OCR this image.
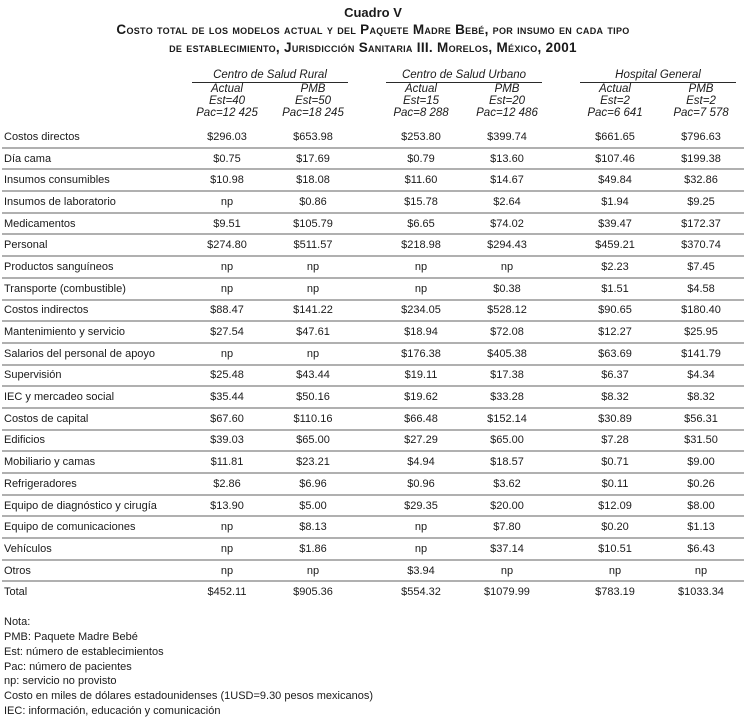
Cuadro V
Costo total de los modelos actual y del Paquete Madre Bebé, por insumo en cada tipo
de establecimiento, Jurisdicción Sanitaria III. Morelos, México, 2001
Centro de Salud Rural	Centro de Salud Urbano	Hospital General
Actual	PMB	Actual	PMB	Actual	PMB
Est=40	Est=50	Est=15	Est=20	Est=2	Est=2
Pac=12 425	Pac=18 245	Pac=8 288	Pac=12 486	Pac=6 641	Pac=7 578
Costos directos	$296.03	$653.98	$253.80	$399.74	$661.65	$796.63
Día cama	$0.75	$17.69	$0.79	$13.60	$107.46	$199.38
Insumos consumibles	$10.98	$18.08	$11.60	$14.67	$49.84	$32.86
Insumos de laboratorio	np	$0.86	$15.78	$2.64	$1.94	$9.25
Medicamentos	$9.51	$105.79	$6.65	$74.02	$39.47	$172.37
Personal	$274.80	$511.57	$218.98	$294.43	$459.21	$370.74
Productos sanguíneos	np	np	np	np	$2.23	$7.45
Transporte (combustible)	np	np	np	$0.38	$1.51	$4.58
Costos indirectos	$88.47	$141.22	$234.05	$528.12	$90.65	$180.40
Mantenimiento y servicio	$27.54	$47.61	$18.94	$72.08	$12.27	$25.95
Salarios del personal de apoyo	np	np	$176.38	$405.38	$63.69	$141.79
Supervisión	$25.48	$43.44	$19.11	$17.38	$6.37	$4.34
IEC y mercadeo social	$35.44	$50.16	$19.62	$33.28	$8.32	$8.32
Costos de capital	$67.60	$110.16	$66.48	$152.14	$30.89	$56.31
Edificios	$39.03	$65.00	$27.29	$65.00	$7.28	$31.50
Mobiliario y camas	$11.81	$23.21	$4.94	$18.57	$0.71	$9.00
Refrigeradores	$2.86	$6.96	$0.96	$3.62	$0.11	$0.26
Equipo de diagnóstico y cirugía	$13.90	$5.00	$29.35	$20.00	$12.09	$8.00
Equipo de comunicaciones	np	$8.13	np	$7.80	$0.20	$1.13
Vehículos	np	$1.86	np	$37.14	$10.51	$6.43
Otros	np	np	$3.94	np	np	np
Total	$452.11	$905.36	$554.32	$1079.99	$783.19	$1033.34
Nota:
PMB: Paquete Madre Bebé
Est: número de establecimientos
Pac: número de pacientes
np: servicio no provisto
Costo en miles de dólares estadounidenses (1USD=9.30 pesos mexicanos)
IEC: información, educación y comunicación
